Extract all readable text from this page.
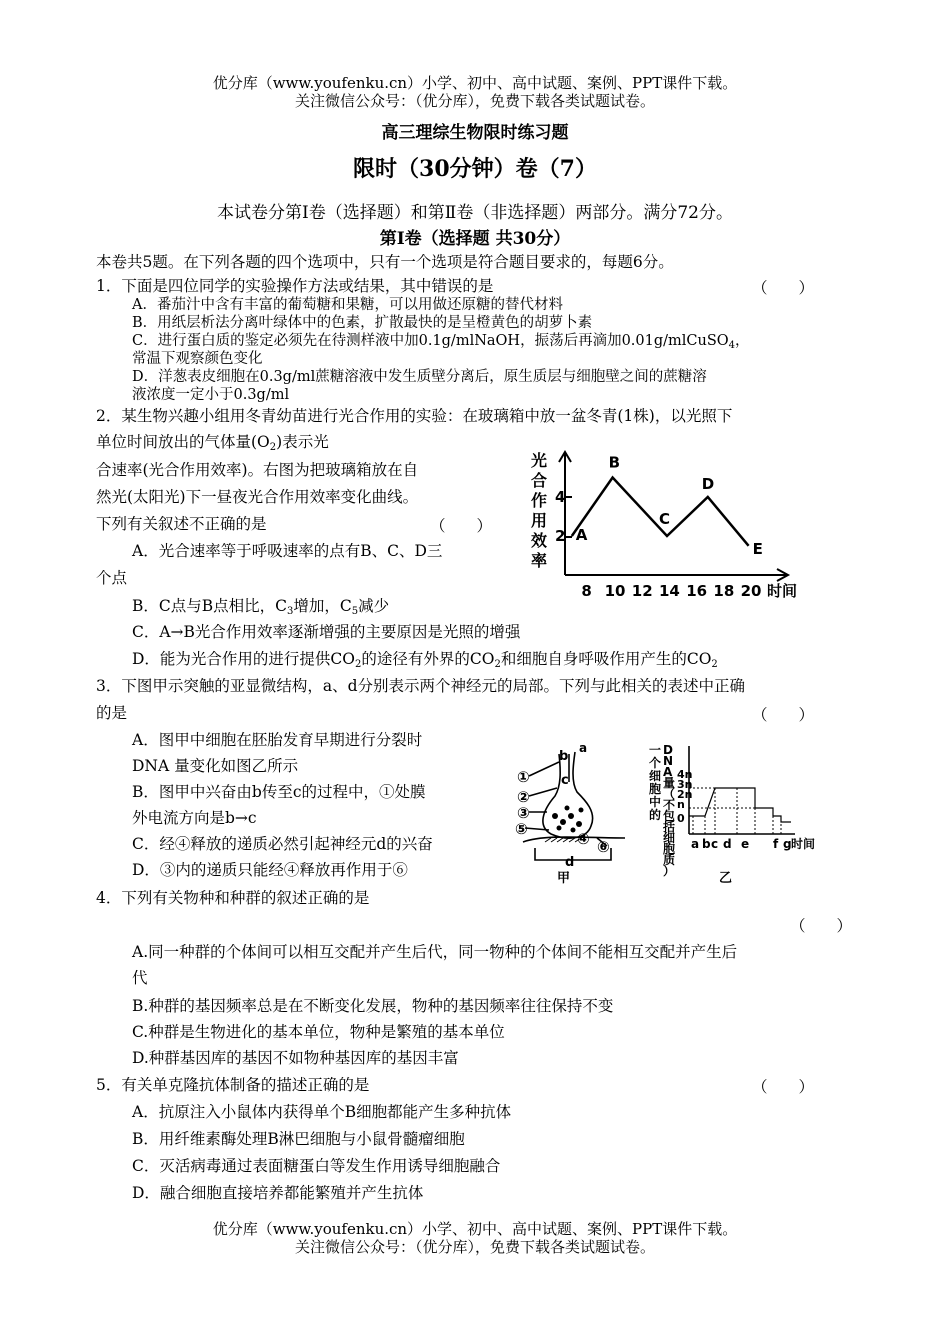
优分库（www.youfenku.cn）小学、初中、高中试题、案例、PPT课件下载。
关注微信公众号：（优分库），免费下载各类试题试卷。
高三理综生物限时练习题
限时（30分钟）卷（7）
本试卷分第Ⅰ卷（选择题）和第Ⅱ卷（非选择题）两部分。满分72分。
第Ⅰ卷（选择题 共30分）
本卷共5题。在下列各题的四个选项中，只有一个选项是符合题目要求的，每题6分。
1．下面是四位同学的实验操作方法或结果，其中错误的是	（　　）
A．番茄汁中含有丰富的葡萄糖和果糖，可以用做还原糖的替代材料
B．用纸层析法分离叶绿体中的色素，扩散最快的是呈橙黄色的胡萝卜素
C．进行蛋白质的鉴定必须先在待测样液中加0.1g/mlNaOH，振荡后再滴加0.01g/mlCuSO$_4$，
常温下观察颜色变化
D．洋葱表皮细胞在0.3g/ml蔗糖溶液中发生质壁分离后，原生质层与细胞壁之间的蔗糖溶
液浓度一定小于0.3g/ml
2．某生物兴趣小组用冬青幼苗进行光合作用的实验：在玻璃箱中放一盆冬青(1株)，以光照下
单位时间放出的气体量$(O_2)$表示光
合速率(光合作用效率)。右图为把玻璃箱放在自
然光(太阳光)下一昼夜光合作用效率变化曲线。
下列有关叙述不正确的是	（　　）
A．光合速率等于呼吸速率的点有B、C、D三
个点
B．C点与B点相比，$C_3$增加，$C_5$减少
C．A→B光合作用效率逐渐增强的主要原因是光照的增强
D．能为光合作用的进行提供$CO_2$的途径有外界的$CO_2$和细胞自身呼吸作用产生的$CO_2$
光
合
作
用
效
率
2
4
8 10 12 14 16 18 20 时间
A
B
C
D
E
3．下图甲示突触的亚显微结构，a、d分别表示两个神经元的局部。下列与此相关的表述中正确
的是	（　　）
A．图甲中细胞在胚胎发育早期进行分裂时
DNA 量变化如图乙所示
B．图甲中兴奋由b传至c的过程中，①处膜
外电流方向是b→c
C．经④释放的递质必然引起神经元d的兴奋
D．③内的递质只能经④释放再作用于⑥
①
②
③
④
⑤
⑥
a
b
c
d
甲
一
个
细
胞
中
的
D
N
A
量
（
不
包
括
细
胞
质
）
4n
3n
2n
n
0
a b c d e f g 时间
乙
4．下列有关物种和种群的叙述正确的是
（　　）
A.同一种群的个体间可以相互交配并产生后代，同一物种的个体间不能相互交配并产生后
代
B.种群的基因频率总是在不断变化发展，物种的基因频率往往保持不变
C.种群是生物进化的基本单位，物种是繁殖的基本单位
D.种群基因库的基因不如物种基因库的基因丰富
5．有关单克隆抗体制备的描述正确的是	（　　）
A．抗原注入小鼠体内获得单个B细胞都能产生多种抗体
B．用纤维素酶处理B淋巴细胞与小鼠骨髓瘤细胞
C．灭活病毒通过表面糖蛋白等发生作用诱导细胞融合
D．融合细胞直接培养都能繁殖并产生抗体
优分库（www.youfenku.cn）小学、初中、高中试题、案例、PPT课件下载。
关注微信公众号：（优分库），免费下载各类试题试卷。
